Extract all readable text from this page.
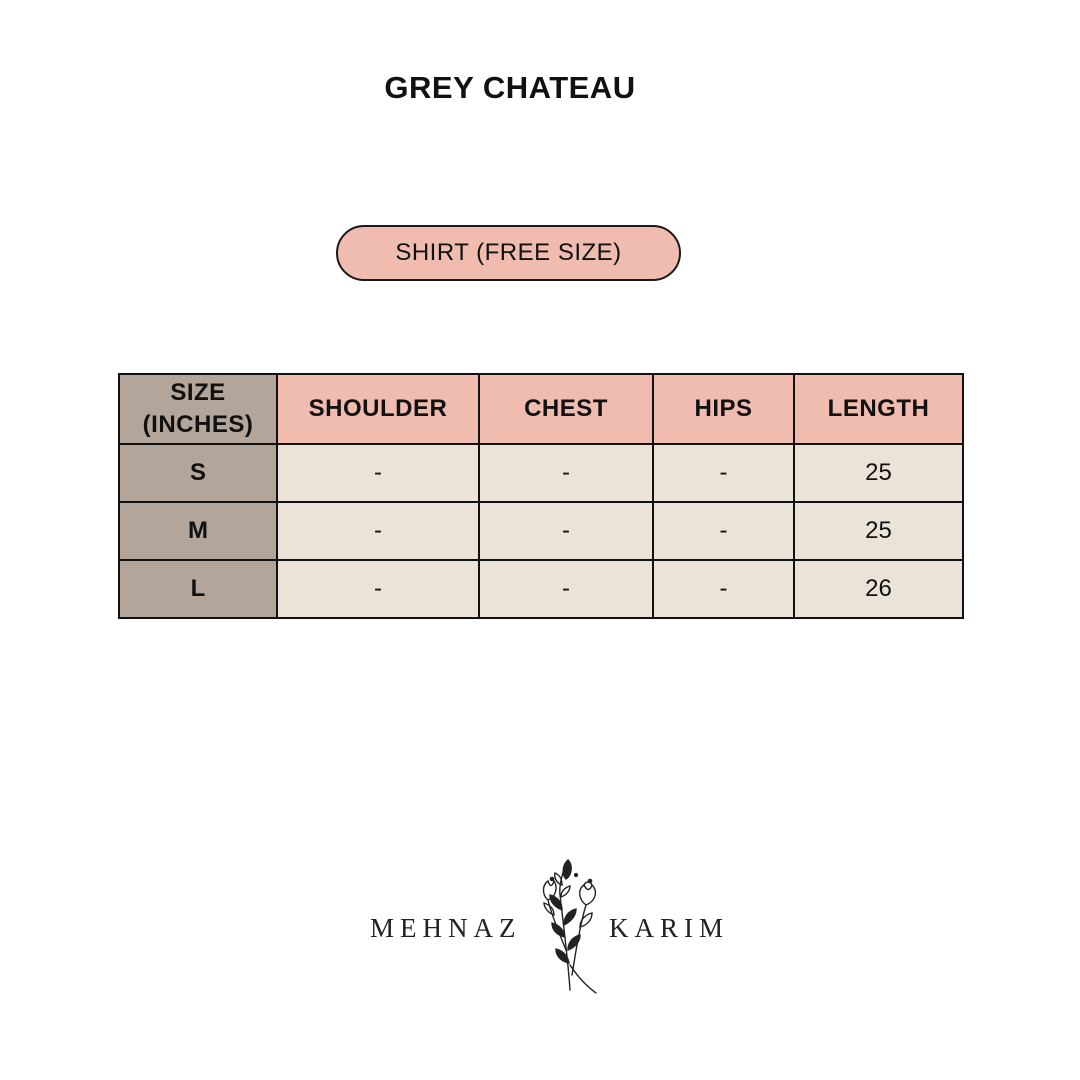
GREY CHATEAU
SHIRT (FREE SIZE)
SIZE
(INCHES)	SHOULDER	CHEST	HIPS	LENGTH
S	-	-	-	25
M	-	-	-	25
L	-	-	-	26
MEHNAZ	KARIM
